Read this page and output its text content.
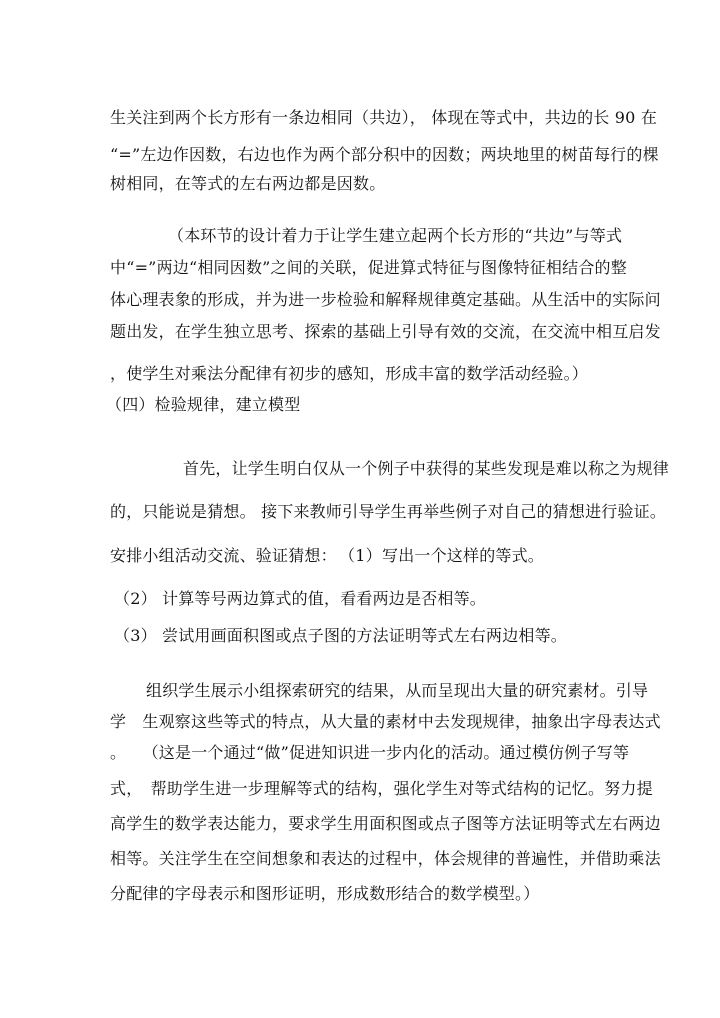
生关注到两个长方形有一条边相同（共边）， 体现在等式中，共边的长 90 在
“=”左边作因数，右边也作为两个部分积中的因数；两块地里的树苗每行的棵
树相同，在等式的左右两边都是因数。
（本环节的设计着力于让学生建立起两个长方形的“共边”与等式
中“=”两边“相同因数”之间的关联，促进算式特征与图像特征相结合的整
体心理表象的形成，并为进一步检验和解释规律奠定基础。从生活中的实际问
题出发，在学生独立思考、探索的基础上引导有效的交流，在交流中相互启发
，使学生对乘法分配律有初步的感知，形成丰富的数学活动经验。）
（四）检验规律，建立模型
首先，让学生明白仅从一个例子中获得的某些发现是难以称之为规律
的，只能说是猜想。 接下来教师引导学生再举些例子对自己的猜想进行验证。
安排小组活动交流、验证猜想： （1） 写出一个这样的等式。
（2） 计算等号两边算式的值，看看两边是否相等。
（3） 尝试用画面积图或点子图的方法证明等式左右两边相等。
组织学生展示小组探索研究的结果，从而呈现出大量的研究素材。引导
学　生观察这些等式的特点，从大量的素材中去发现规律，抽象出字母表达式
。　　（这是一个通过“做”促进知识进一步内化的活动。通过模仿例子写等
式，　帮助学生进一步理解等式的结构，强化学生对等式结构的记忆。努力提
高学生的数学表达能力，要求学生用面积图或点子图等方法证明等式左右两边
相等。关注学生在空间想象和表达的过程中，体会规律的普遍性，并借助乘法
分配律的字母表示和图形证明，形成数形结合的数学模型。）
